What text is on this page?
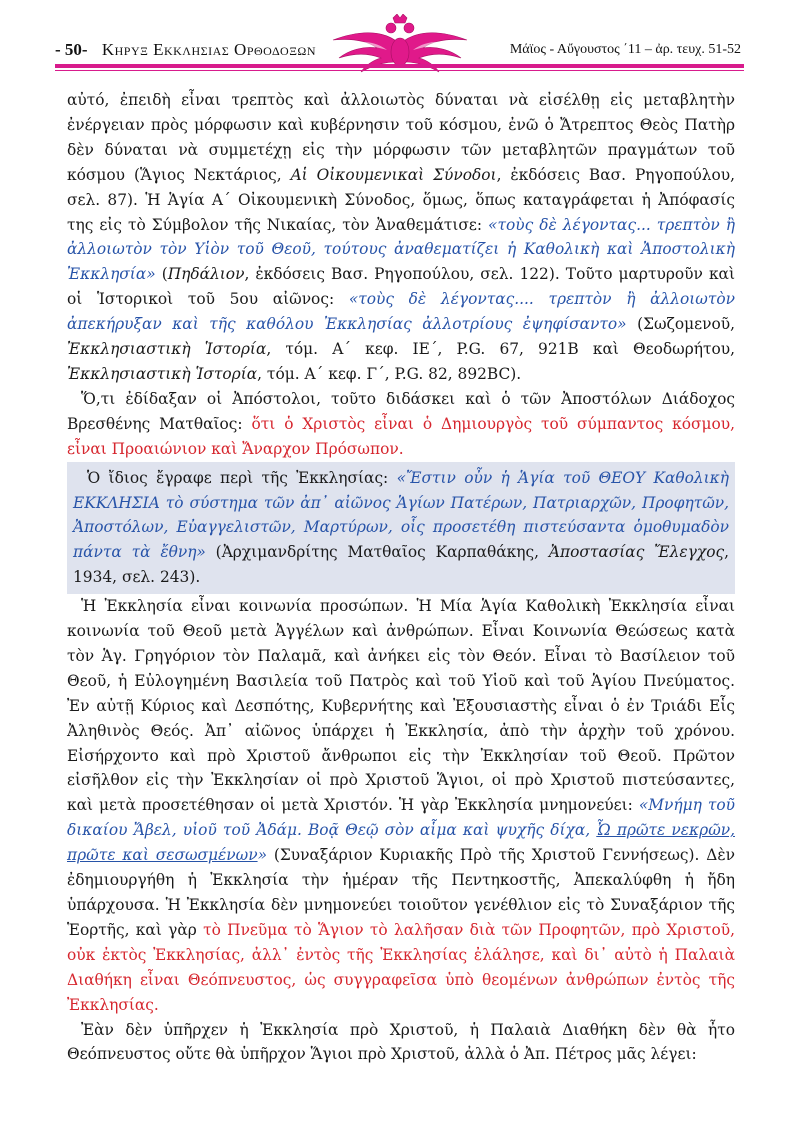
- 50- Κηρυξ Εκκλησιας Ορθοδοξων	Μάϊος - Αὔγουστος ΄11 – ἀρ. τευχ. 51-52

αὐτό, ἐπειδὴ εἶναι τρεπτὸς καὶ ἀλλοιωτὸς δύναται νὰ εἰσέλθῃ εἰς μεταβλητὴν ἐνέργειαν πρὸς μόρφωσιν καὶ κυβέρνησιν τοῦ κόσμου, ἐνῶ ὁ Ἄτρεπτος Θεὸς Πατὴρ δὲν δύναται νὰ συμμετέχῃ εἰς τὴν μόρφωσιν τῶν μεταβλητῶν πραγμάτων τοῦ κόσμου (Ἅγιος Νεκτάριος, Αἱ Οἰκουμενικαὶ Σύνοδοι, ἐκδόσεις Βασ. Ρηγοπούλου, σελ. 87). Ἡ Ἁγία Α΄ Οἰκουμενικὴ Σύνοδος, ὅμως, ὅπως καταγράφεται ἡ Ἀπόφασίς της εἰς τὸ Σύμβολον τῆς Νικαίας, τὸν Ἀναθεμάτισε: «τοὺς δὲ λέγοντας... τρεπτὸν ἢ ἀλλοιωτὸν τὸν Υἱὸν τοῦ Θεοῦ, τούτους ἀναθεματίζει ἡ Καθολικὴ καὶ Ἀποστολικὴ Ἐκκλησία» (Πηδάλιον, ἐκδόσεις Βασ. Ρηγοπούλου, σελ. 122). Τοῦτο μαρτυροῦν καὶ οἱ Ἱστορικοὶ τοῦ 5ου αἰῶνος: «τοὺς δὲ λέγοντας.... τρεπτὸν ἢ ἀλλοιωτὸν ἀπεκήρυξαν καὶ τῆς καθόλου Ἐκκλησίας ἀλλοτρίους ἐψηφίσαντο» (Σωζομενοῦ, Ἐκκλησιαστικὴ Ἱστορία, τόμ. Α΄ κεφ. ΙΕ΄, P.G. 67, 921B καὶ Θεοδωρήτου, Ἐκκλησιαστικὴ Ἱστορία, τόμ. Α΄ κεφ. Γ΄, P.G. 82, 892BC).

Ὅ,τι ἐδίδαξαν οἱ Ἀπόστολοι, τοῦτο διδάσκει καὶ ὁ τῶν Ἀποστόλων Διάδοχος Βρεσθένης Ματθαῖος: ὅτι ὁ Χριστὸς εἶναι ὁ Δημιουργὸς τοῦ σύμπαντος κόσμου, εἶναι Προαιώνιον καὶ Ἄναρχον Πρόσωπον.

Ὁ ἴδιος ἔγραφε περὶ τῆς Ἐκκλησίας: «Ἔστιν οὖν ἡ Ἁγία τοῦ ΘΕΟΥ Καθολικὴ ΕΚΚΛΗΣΙΑ τὸ σύστημα τῶν ἀπ᾽ αἰῶνος Ἁγίων Πατέρων, Πατριαρχῶν, Προφητῶν, Ἀποστόλων, Εὐαγγελιστῶν, Μαρτύρων, οἷς προσετέθη πιστεύσαντα ὁμοθυμαδὸν πάντα τὰ ἔθνη» (Ἀρχιμανδρίτης Ματθαῖος Καρπαθάκης, Ἀποστασίας Ἔλεγχος, 1934, σελ. 243).

Ἡ Ἐκκλησία εἶναι κοινωνία προσώπων. Ἡ Μία Ἁγία Καθολικὴ Ἐκκλησία εἶναι κοινωνία τοῦ Θεοῦ μετὰ Ἀγγέλων καὶ ἀνθρώπων. Εἶναι Κοινωνία Θεώσεως κατὰ τὸν Ἁγ. Γρηγόριον τὸν Παλαμᾶ, καὶ ἀνήκει εἰς τὸν Θεόν. Εἶναι τὸ Βασίλειον τοῦ Θεοῦ, ἡ Εὐλογημένη Βασιλεία τοῦ Πατρὸς καὶ τοῦ Υἱοῦ καὶ τοῦ Ἁγίου Πνεύματος. Ἐν αὐτῇ Κύριος καὶ Δεσπότης, Κυβερνήτης καὶ Ἐξουσιαστὴς εἶναι ὁ ἐν Τριάδι Εἷς Ἀληθινὸς Θεός. Ἀπ᾽ αἰῶνος ὑπάρχει ἡ Ἐκκλησία, ἀπὸ τὴν ἀρχὴν τοῦ χρόνου. Εἰσήρχοντο καὶ πρὸ Χριστοῦ ἄνθρωποι εἰς τὴν Ἐκκλησίαν τοῦ Θεοῦ. Πρῶτον εἰσῆλθον εἰς τὴν Ἐκκλησίαν οἱ πρὸ Χριστοῦ Ἅγιοι, οἱ πρὸ Χριστοῦ πιστεύσαντες, καὶ μετὰ προσετέθησαν οἱ μετὰ Χριστόν. Ἡ γὰρ Ἐκκλησία μνημονεύει: «Μνήμη τοῦ δικαίου Ἄβελ, υἱοῦ τοῦ Ἀδάμ. Βοᾷ Θεῷ σὸν αἷμα καὶ ψυχῆς δίχα, Ὦ πρῶτε νεκρῶν, πρῶτε καὶ σεσωσμένων» (Συναξάριον Κυριακῆς Πρὸ τῆς Χριστοῦ Γεννήσεως). Δὲν ἐδημιουργήθη ἡ Ἐκκλησία τὴν ἡμέραν τῆς Πεντηκοστῆς, Ἀπεκαλύφθη ἡ ἤδη ὑπάρχουσα. Ἡ Ἐκκλησία δὲν μνημονεύει τοιοῦτον γενέθλιον εἰς τὸ Συναξάριον τῆς Ἑορτῆς, καὶ γὰρ τὸ Πνεῦμα τὸ Ἅγιον τὸ λαλῆσαν διὰ τῶν Προφητῶν, πρὸ Χριστοῦ, οὐκ ἐκτὸς Ἐκκλησίας, ἀλλ᾽ ἐντὸς τῆς Ἐκκλησίας ἐλάλησε, καὶ δι᾽ αὐτὸ ἡ Παλαιὰ Διαθήκη εἶναι Θεόπνευστος, ὡς συγγραφεῖσα ὑπὸ θεομένων ἀνθρώπων ἐντὸς τῆς Ἐκκλησίας.

Ἐὰν δὲν ὑπῆρχεν ἡ Ἐκκλησία πρὸ Χριστοῦ, ἡ Παλαιὰ Διαθήκη δὲν θὰ ἦτο Θεόπνευστος οὔτε θὰ ὑπῆρχον Ἅγιοι πρὸ Χριστοῦ, ἀλλὰ ὁ Ἀπ. Πέτρος μᾶς λέγει:
